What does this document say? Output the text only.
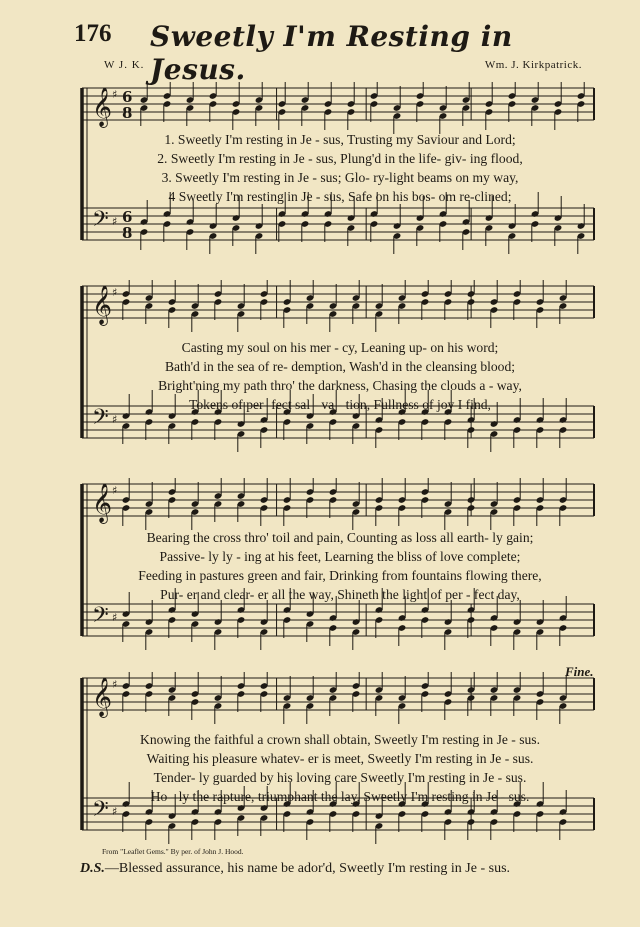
176 Sweetly I'm Resting in Jesus.
W J. K.	Wm. J. Kirkpatrick.
𝄞
𝄢
♯
♯
6
8
6
8
1. Sweetly I'm resting in Je - sus, Trusting my Saviour and Lord;
2. Sweetly I'm resting in Je - sus, Plung'd in the life- giv- ing flood,
3. Sweetly I'm resting in Je - sus; Glo- ry-light beams on my way,
4 Sweetly I'm resting in Je - sus, Safe on his bos- om re-clined;
𝄞
𝄢
♯
♯
Casting my soul on his mer - cy, Leaning up- on his word;
Bath'd in the sea of re- demption, Wash'd in the cleansing blood;
Bright'ning my path thro' the darkness, Chasing the clouds a - way,
Tokens of per- fect sal - va - tion, Fullness of joy I find,
𝄞
𝄢
♯
♯
Bearing the cross thro' toil and pain, Counting as loss all earth- ly gain;
Passive- ly ly - ing at his feet, Learning the bliss of love complete;
Feeding in pastures green and fair, Drinking from fountains flowing there,
Pur- er and clear- er all the way, Shineth the light of per - fect day,
𝄞
𝄢
♯
♯
Fine.
Knowing the faithful a crown shall obtain, Sweetly I'm resting in Je - sus.
Waiting his pleasure whatev- er is meet, Sweetly I'm resting in Je - sus.
Tender- ly guarded by his loving care Sweetly I'm resting in Je - sus.
Ho - ly the rapture, triumphant the lay, Sweetly I'm resting in Je - sus.
From "Leaflet Gems." By per. of John J. Hood.
D.S.—Blessed assurance, his name be ador'd, Sweetly I'm resting in Je - sus.
